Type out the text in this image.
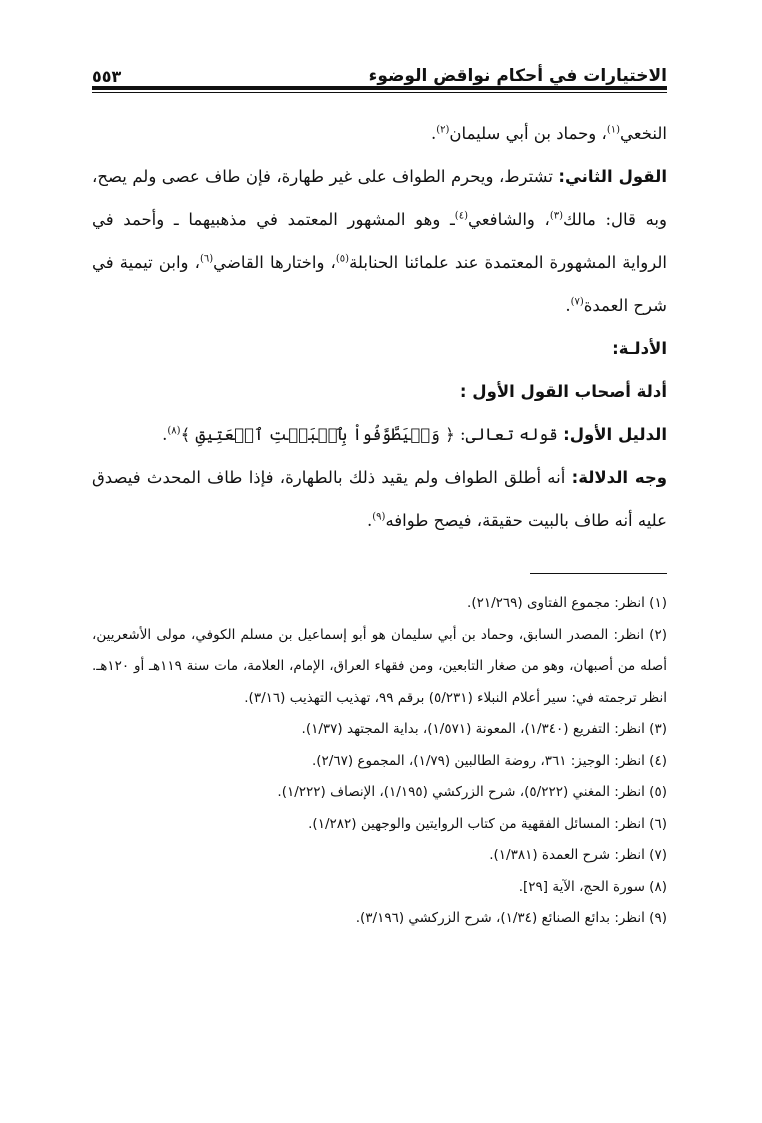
الاختيارات في أحكام نواقض الوضوء
٥٥٣

النخعي$^{(١)}$، وحماد بن أبي سليمان$^{(٢)}$.

القول الثاني: تشترط، ويحرم الطواف على غير طهارة، فإن طاف عصى ولم يصح، وبه قال: مالك$^{(٣)}$، والشافعي$^{(٤)}$ـ وهو المشهور المعتمد في مذهبيهما ـ وأحمد في الرواية المشهورة المعتمدة عند علمائنا الحنابلة$^{(٥)}$، واختارها القاضي$^{(٦)}$، وابن تيمية في شرح العمدة$^{(٧)}$.

الأدلـة:

أدلة أصحاب القول الأول :

الدليل الأول: قوله تعالى: ﴿ وَلۡيَطَّوَّفُواْ بِٱلۡبَيۡتِ ٱلۡعَتِيقِ ﴾$^{(٨)}$.

وجه الدلالة: أنه أطلق الطواف ولم يقيد ذلك بالطهارة، فإذا طاف المحدث فيصدق عليه أنه طاف بالبيت حقيقة، فيصح طوافه$^{(٩)}$.

(١) انظر: مجموع الفتاوى (٢١/٢٦٩).

(٢) انظر: المصدر السابق، وحماد بن أبي سليمان هو أبو إسماعيل بن مسلم الكوفي، مولى الأشعريين، أصله من أصبهان، وهو من صغار التابعين، ومن فقهاء العراق، الإمام، العلامة، مات سنة ١١٩هـ أو ١٢٠هـ. انظر ترجمته في: سير أعلام النبلاء (٥/٢٣١) برقم ٩٩، تهذيب التهذيب (٣/١٦).

(٣) انظر: التفريع (١/٣٤٠)، المعونة (١/٥٧١)، بداية المجتهد (١/٣٧).

(٤) انظر: الوجيز: ٣٦١، روضة الطالبين (١/٧٩)، المجموع (٢/٦٧).

(٥) انظر: المغني (٥/٢٢٢)، شرح الزركشي (١/١٩٥)، الإنصاف (١/٢٢٢).

(٦) انظر: المسائل الفقهية من كتاب الروايتين والوجهين (١/٢٨٢).

(٧) انظر: شرح العمدة (١/٣٨١).

(٨) سورة الحج، الآية [٢٩].

(٩) انظر: بدائع الصنائع (١/٣٤)، شرح الزركشي (٣/١٩٦).
